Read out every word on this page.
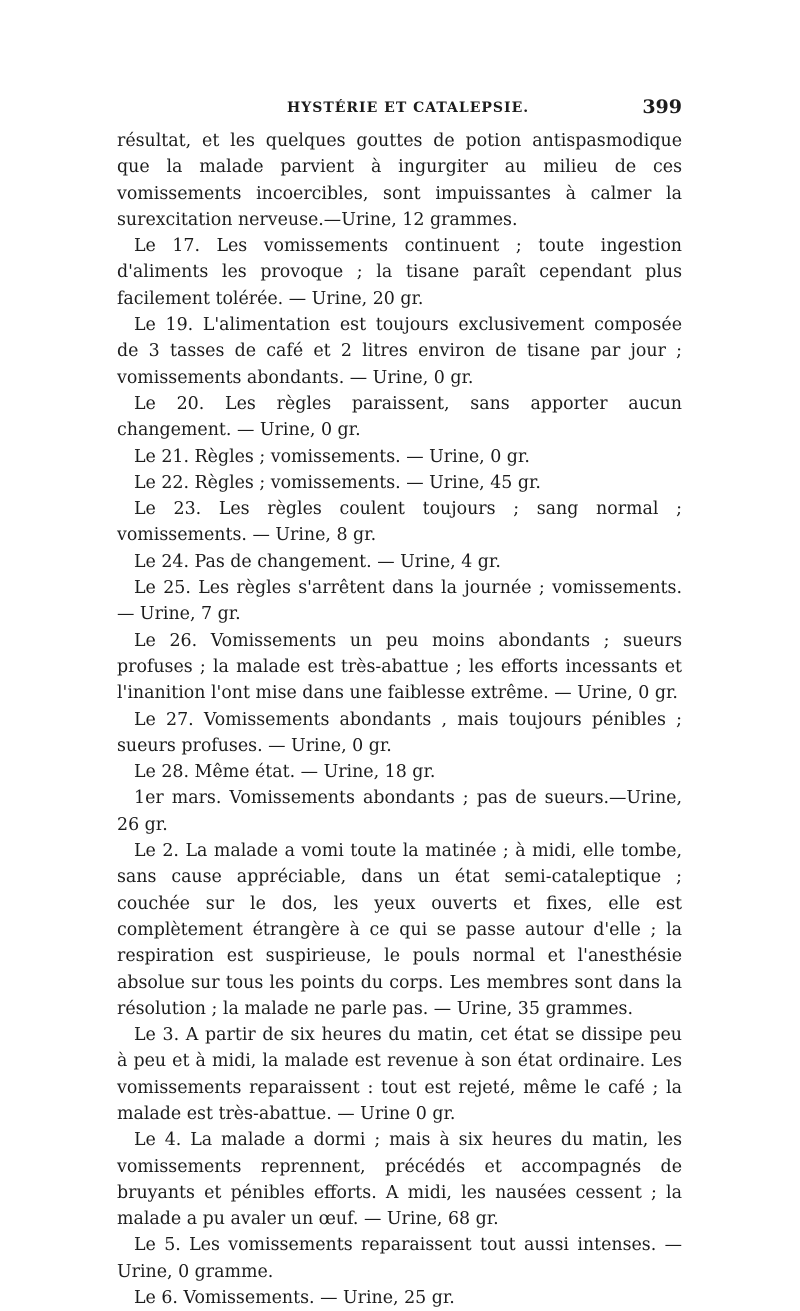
HYSTÉRIE ET CATALEPSIE.	399

résultat, et les quelques gouttes de potion antispasmodique que la malade parvient à ingurgiter au milieu de ces vomissements incoercibles, sont impuissantes à calmer la surexcitation nerveuse.—Urine, 12 grammes.

Le 17. Les vomissements continuent ; toute ingestion d'aliments les provoque ; la tisane paraît cependant plus facilement tolérée. — Urine, 20 gr.

Le 19. L'alimentation est toujours exclusivement composée de 3 tasses de café et 2 litres environ de tisane par jour ; vomissements abondants. — Urine, 0 gr.

Le 20. Les règles paraissent, sans apporter aucun changement. — Urine, 0 gr.

Le 21. Règles ; vomissements. — Urine, 0 gr.

Le 22. Règles ; vomissements. — Urine, 45 gr.

Le 23. Les règles coulent toujours ; sang normal ; vomissements. — Urine, 8 gr.

Le 24. Pas de changement. — Urine, 4 gr.

Le 25. Les règles s'arrêtent dans la journée ; vomissements. — Urine, 7 gr.

Le 26. Vomissements un peu moins abondants ; sueurs profuses ; la malade est très-abattue ; les efforts incessants et l'inanition l'ont mise dans une faiblesse extrême. — Urine, 0 gr.

Le 27. Vomissements abondants , mais toujours pénibles ; sueurs profuses. — Urine, 0 gr.

Le 28. Même état. — Urine, 18 gr.

1er mars. Vomissements abondants ; pas de sueurs.—Urine, 26 gr.

Le 2. La malade a vomi toute la matinée ; à midi, elle tombe, sans cause appréciable, dans un état semi-cataleptique ; couchée sur le dos, les yeux ouverts et fixes, elle est complètement étrangère à ce qui se passe autour d'elle ; la respiration est suspirieuse, le pouls normal et l'anesthésie absolue sur tous les points du corps. Les membres sont dans la résolution ; la malade ne parle pas. — Urine, 35 grammes.

Le 3. A partir de six heures du matin, cet état se dissipe peu à peu et à midi, la malade est revenue à son état ordinaire. Les vomissements reparaissent : tout est rejeté, même le café ; la malade est très-abattue. — Urine 0 gr.

Le 4. La malade a dormi ; mais à six heures du matin, les vomissements reprennent, précédés et accompagnés de bruyants et pénibles efforts. A midi, les nausées cessent ; la malade a pu avaler un œuf. — Urine, 68 gr.

Le 5. Les vomissements reparaissent tout aussi intenses. — Urine, 0 gramme.

Le 6. Vomissements. — Urine, 25 gr.
